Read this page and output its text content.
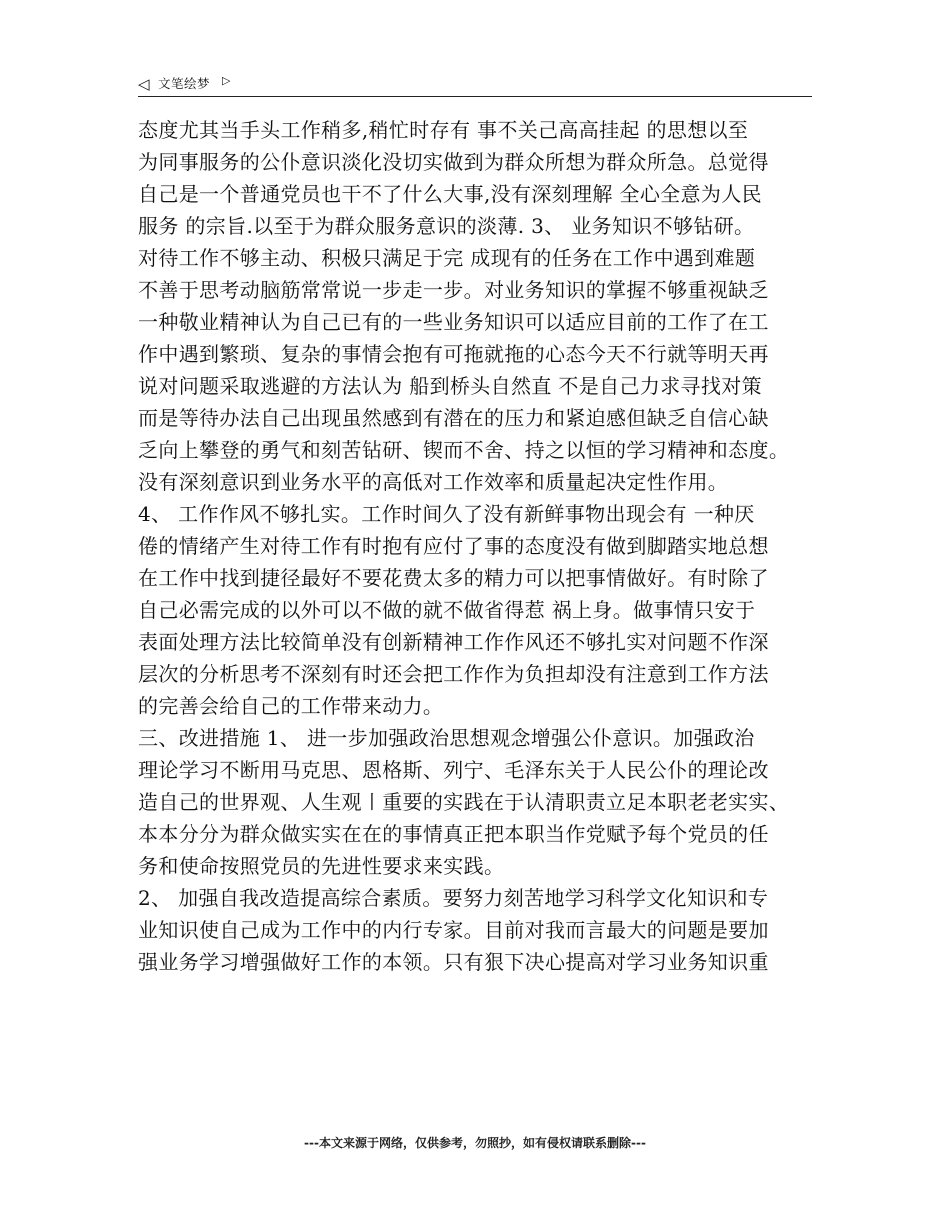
◁ 文笔绘梦 ▷
态度尤其当手头工作稍多,稍忙时存有 事不关己高高挂起 的思想以至
为同事服务的公仆意识淡化没切实做到为群众所想为群众所急。总觉得
自己是一个普通党员也干不了什么大事,没有深刻理解 全心全意为人民
服务 的宗旨.以至于为群众服务意识的淡薄. 3、 业务知识不够钻研。
对待工作不够主动、积极只满足于完 成现有的任务在工作中遇到难题
不善于思考动脑筋常常说一步走一步。对业务知识的掌握不够重视缺乏
一种敬业精神认为自己已有的一些业务知识可以适应目前的工作了在工
作中遇到繁琐、复杂的事情会抱有可拖就拖的心态今天不行就等明天再
说对问题采取逃避的方法认为 船到桥头自然直 不是自己力求寻找对策
而是等待办法自己出现虽然感到有潜在的压力和紧迫感但缺乏自信心缺
乏向上攀登的勇气和刻苦钻研、锲而不舍、持之以恒的学习精神和态度。
没有深刻意识到业务水平的高低对工作效率和质量起决定性作用。
4、 工作作风不够扎实。工作时间久了没有新鲜事物出现会有 一种厌
倦的情绪产生对待工作有时抱有应付了事的态度没有做到脚踏实地总想
在工作中找到捷径最好不要花费太多的精力可以把事情做好。有时除了
自己必需完成的以外可以不做的就不做省得惹 祸上身。做事情只安于
表面处理方法比较简单没有创新精神工作作风还不够扎实对问题不作深
层次的分析思考不深刻有时还会把工作作为负担却没有注意到工作方法
的完善会给自己的工作带来动力。
三、改进措施 1、 进一步加强政治思想观念增强公仆意识。加强政治
理论学习不断用马克思、恩格斯、列宁、毛泽东关于人民公仆的理论改
造自己的世界观、人生观〡重要的实践在于认清职责立足本职老老实实、
本本分分为群众做实实在在的事情真正把本职当作党赋予每个党员的任
务和使命按照党员的先进性要求来实践。
2、 加强自我改造提高综合素质。要努力刻苦地学习科学文化知识和专
业知识使自己成为工作中的内行专家。目前对我而言最大的问题是要加
强业务学习增强做好工作的本领。只有狠下决心提高对学习业务知识重
---本文来源于网络，仅供参考，勿照抄，如有侵权请联系删除---
